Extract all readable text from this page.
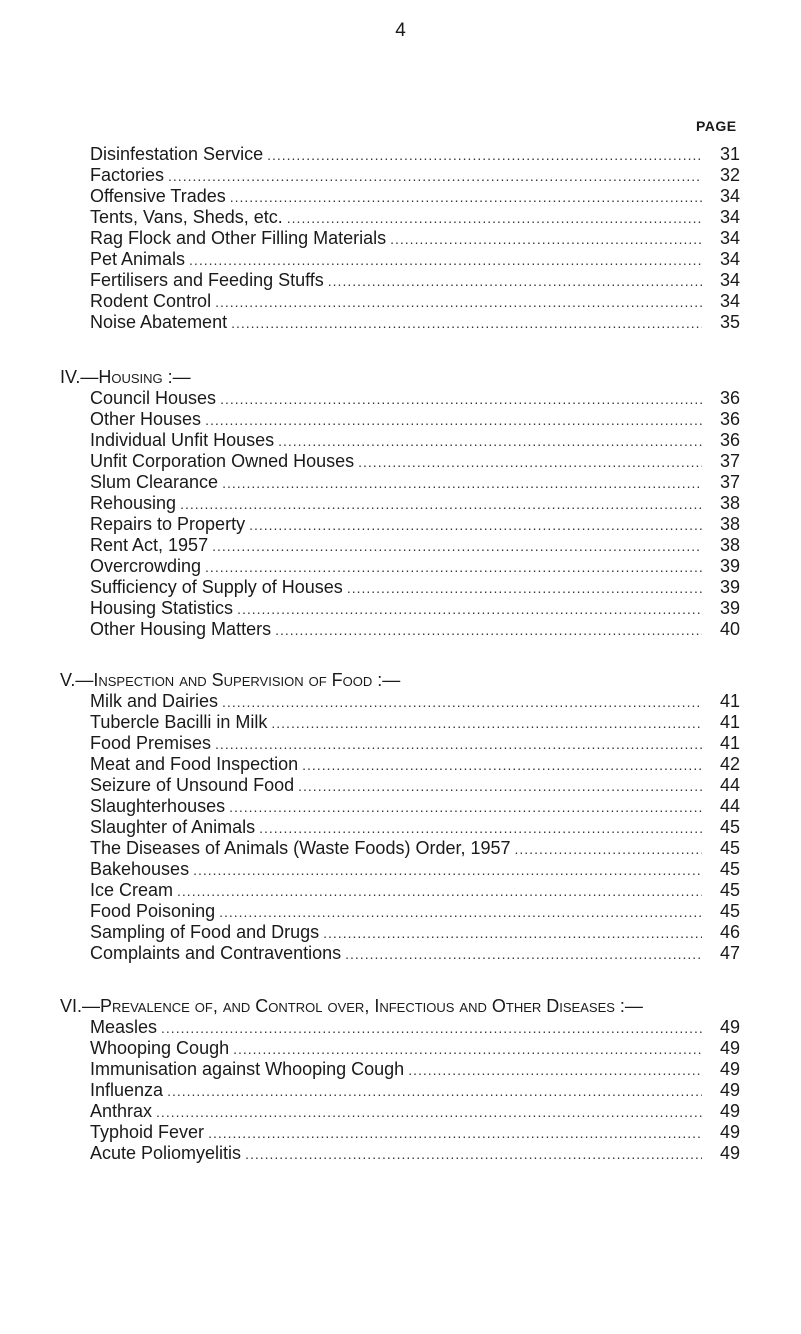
4
PAGE
Disinfestation Service .....	31
Factories .....	32
Offensive Trades .....	34
Tents, Vans, Sheds, etc. .....	34
Rag Flock and Other Filling Materials .....	34
Pet Animals .....	34
Fertilisers and Feeding Stuffs .....	34
Rodent Control .....	34
Noise Abatement .....	35
IV.—Housing :—
Council Houses .....	36
Other Houses .....	36
Individual Unfit Houses .....	36
Unfit Corporation Owned Houses .....	37
Slum Clearance .....	37
Rehousing .....	38
Repairs to Property .....	38
Rent Act, 1957 .....	38
Overcrowding .....	39
Sufficiency of Supply of Houses .....	39
Housing Statistics .....	39
Other Housing Matters .....	40
V.—Inspection and Supervision of Food :—
Milk and Dairies .....	41
Tubercle Bacilli in Milk .....	41
Food Premises .....	41
Meat and Food Inspection .....	42
Seizure of Unsound Food .....	44
Slaughterhouses .....	44
Slaughter of Animals .....	45
The Diseases of Animals (Waste Foods) Order, 1957 .....	45
Bakehouses .....	45
Ice Cream .....	45
Food Poisoning .....	45
Sampling of Food and Drugs .....	46
Complaints and Contraventions .....	47
VI.—Prevalence of, and Control over, Infectious and Other Diseases :—
Measles .....	49
Whooping Cough .....	49
Immunisation against Whooping Cough .....	49
Influenza .....	49
Anthrax .....	49
Typhoid Fever .....	49
Acute Poliomyelitis .....	49
